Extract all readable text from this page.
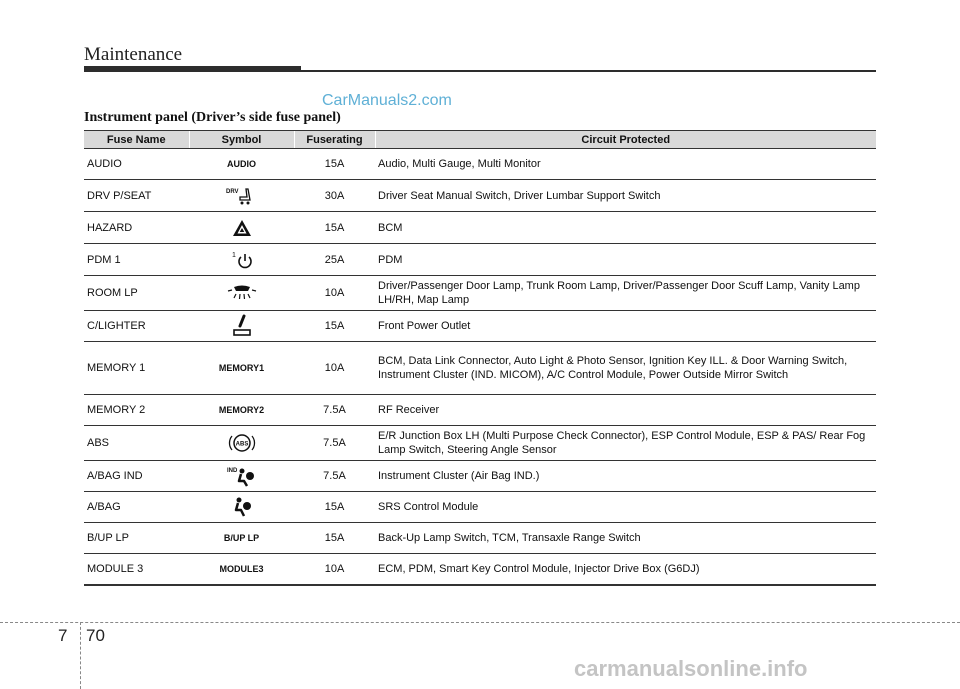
Maintenance
CarManuals2.com
Instrument panel (Driver’s side fuse panel)
Fuse Name	Symbol	Fuserating	Circuit Protected
AUDIO	AUDIO	15A	Audio, Multi Gauge, Multi Monitor
DRV P/SEAT	DRV	30A	Driver Seat Manual Switch, Driver Lumbar Support Switch
HAZARD		15A	BCM
PDM 1	1	25A	PDM
ROOM LP		10A	Driver/Passenger Door Lamp, Trunk Room Lamp, Driver/Passenger Door Scuff Lamp, Vanity Lamp LH/RH, Map Lamp
C/LIGHTER		15A	Front Power Outlet
MEMORY 1	MEMORY1	10A	BCM, Data Link Connector, Auto Light & Photo Sensor, Ignition Key ILL. & Door Warning Switch, Instrument Cluster (IND. MICOM), A/C Control Module, Power Outside Mirror Switch
MEMORY 2	MEMORY2	7.5A	RF Receiver
ABS	ABS	7.5A	E/R Junction Box LH (Multi Purpose Check Connector), ESP Control Module, ESP & PAS/ Rear Fog Lamp Switch, Steering Angle Sensor
A/BAG IND	IND	7.5A	Instrument Cluster (Air Bag IND.)
A/BAG		15A	SRS Control Module
B/UP LP	B/UP LP	15A	Back-Up Lamp Switch, TCM, Transaxle Range Switch
MODULE 3	MODULE3	10A	ECM, PDM, Smart Key Control Module, Injector Drive Box (G6DJ)
7 70
carmanualsonline.info
